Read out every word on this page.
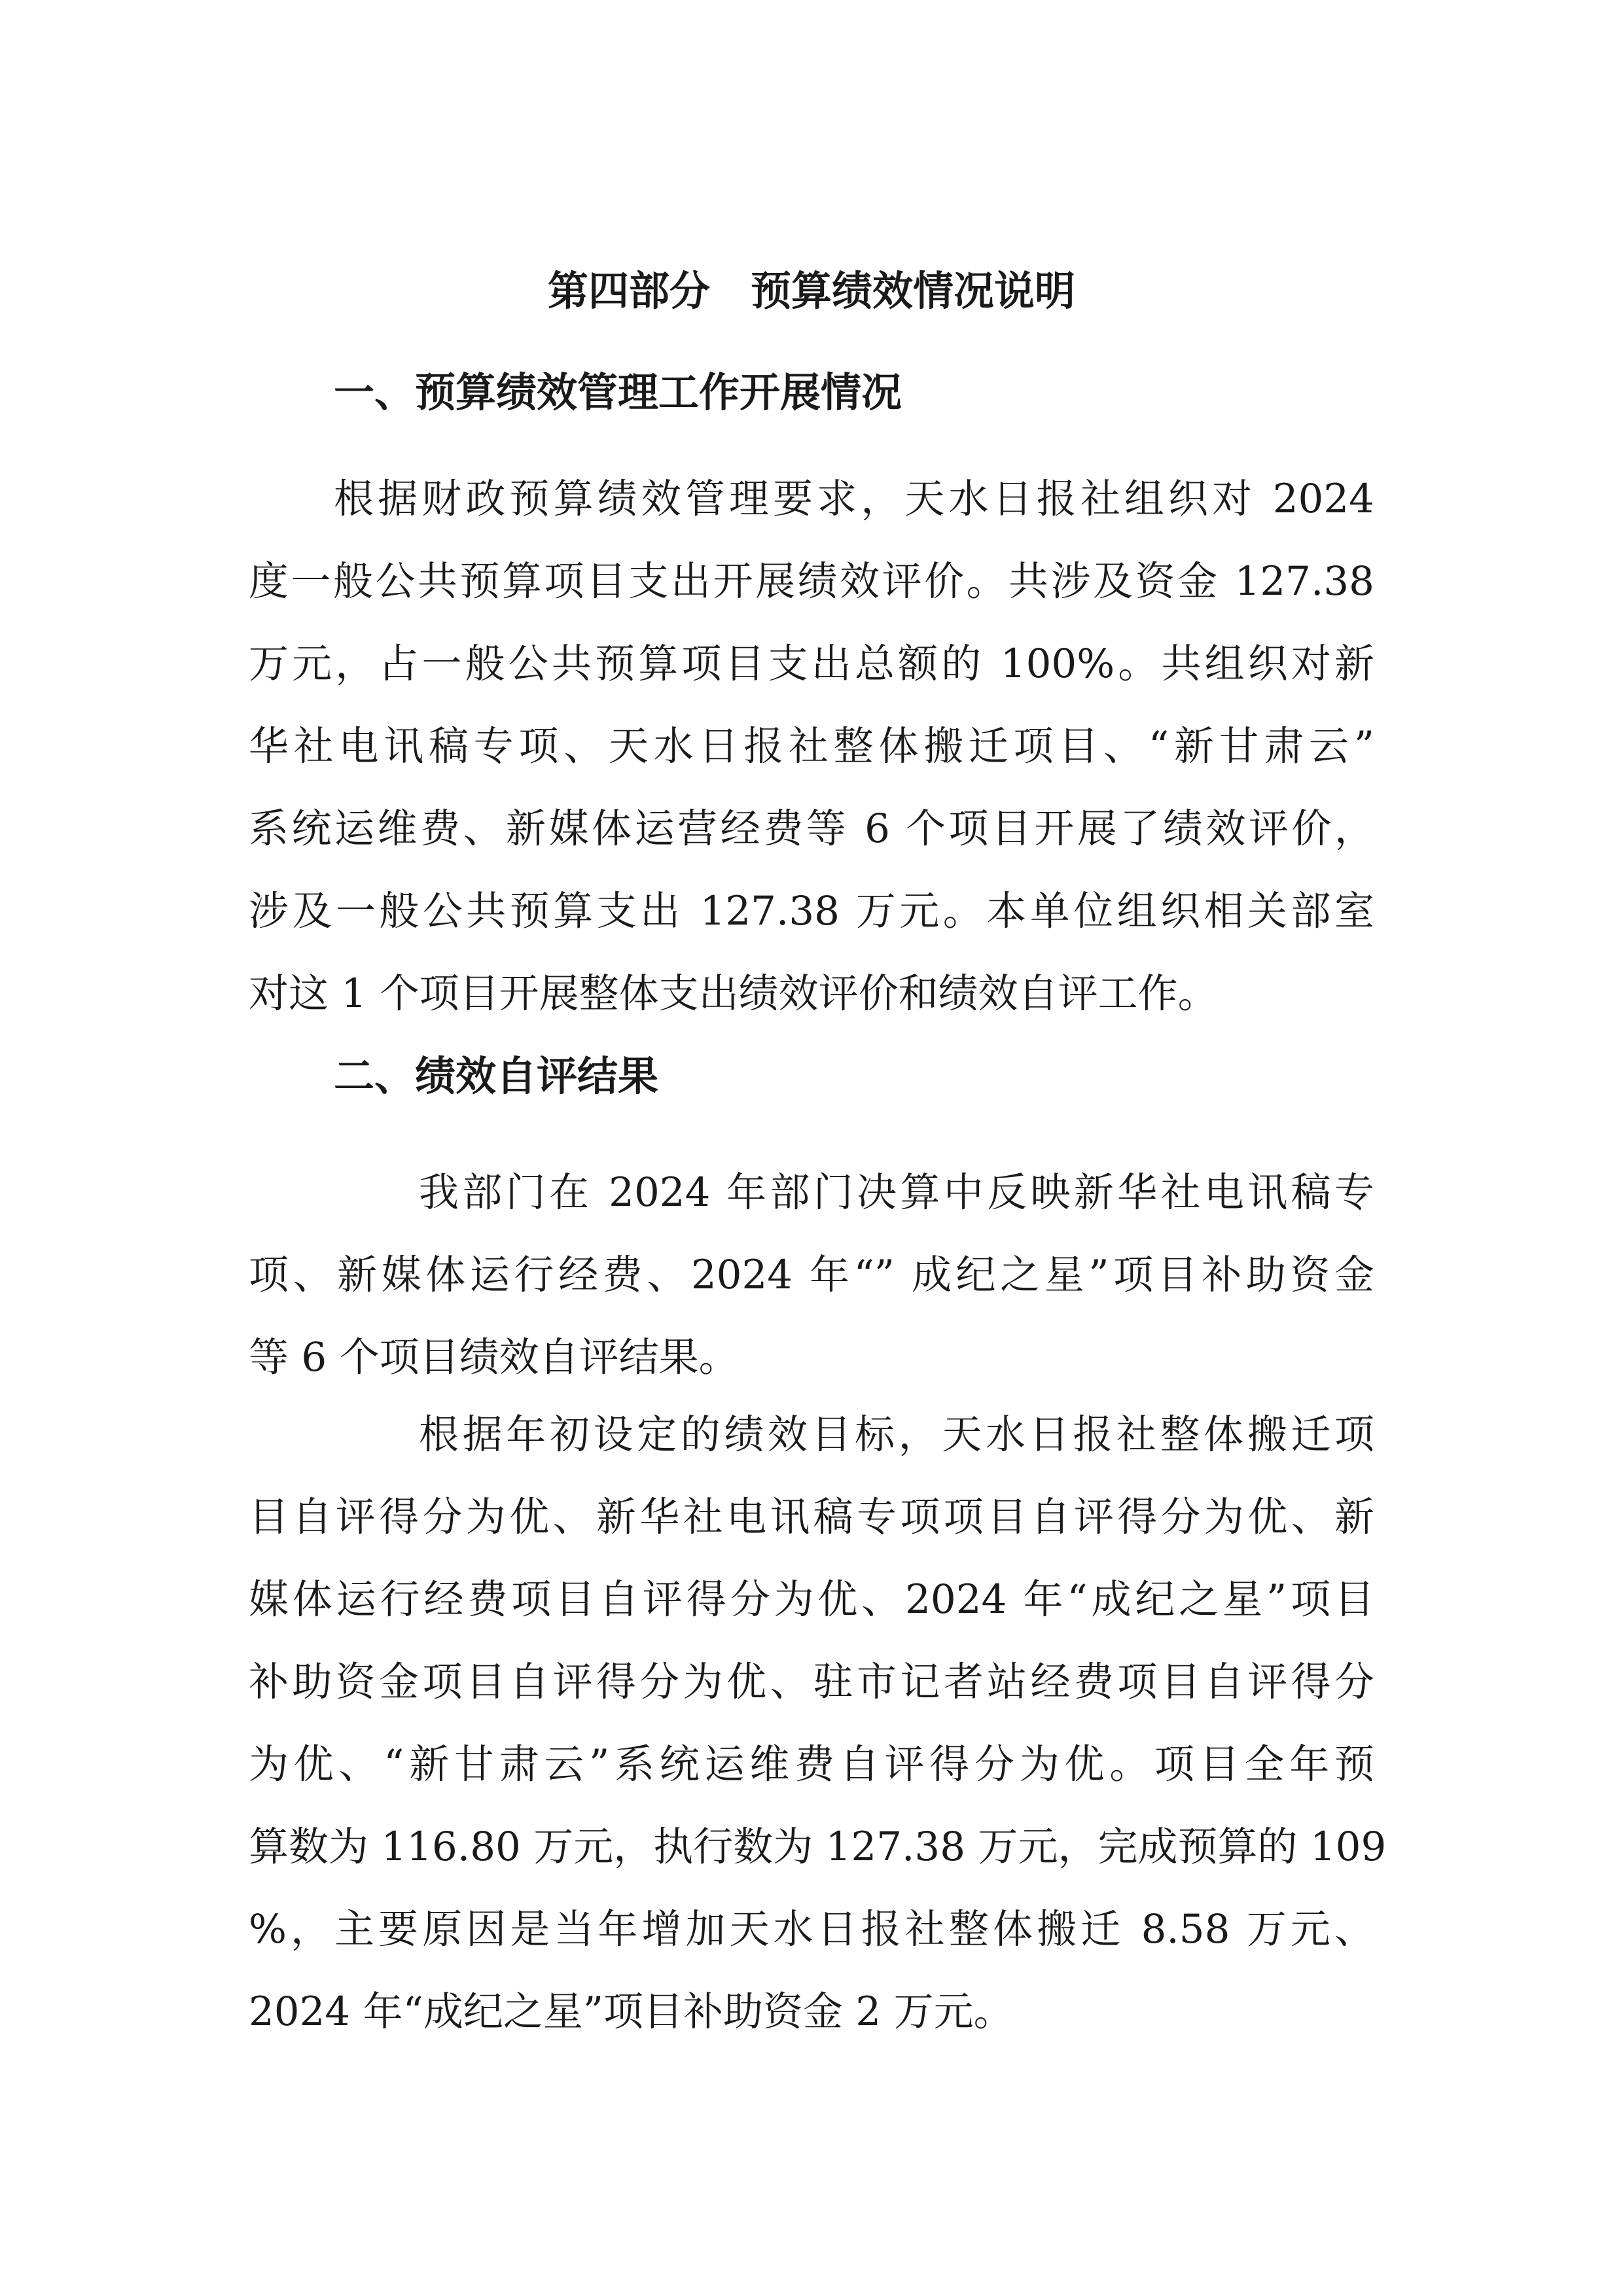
第四部分　预算绩效情况说明
一、预算绩效管理工作开展情况
根据财政预算绩效管理要求，天水日报社组织对 2024
度一般公共预算项目支出开展绩效评价。共涉及资金 127.38
万元，占一般公共预算项目支出总额的 100%。共组织对新
华社电讯稿专项、天水日报社整体搬迁项目、“新甘肃云”
系统运维费、新媒体运营经费等 6 个项目开展了绩效评价，
涉及一般公共预算支出 127.38 万元。本单位组织相关部室
对这 1 个项目开展整体支出绩效评价和绩效自评工作。
二、绩效自评结果
我部门在 2024 年部门决算中反映新华社电讯稿专
项、新媒体运行经费、2024 年“” 成纪之星”项目补助资金
等 6 个项目绩效自评结果。
根据年初设定的绩效目标，天水日报社整体搬迁项
目自评得分为优、新华社电讯稿专项项目自评得分为优、新
媒体运行经费项目自评得分为优、2024 年“成纪之星”项目
补助资金项目自评得分为优、驻市记者站经费项目自评得分
为优、“新甘肃云”系统运维费自评得分为优。项目全年预
算数为 116.80 万元，执行数为 127.38 万元，完成预算的 109
%，主要原因是当年增加天水日报社整体搬迁 8.58 万元、
2024 年“成纪之星”项目补助资金 2 万元。
